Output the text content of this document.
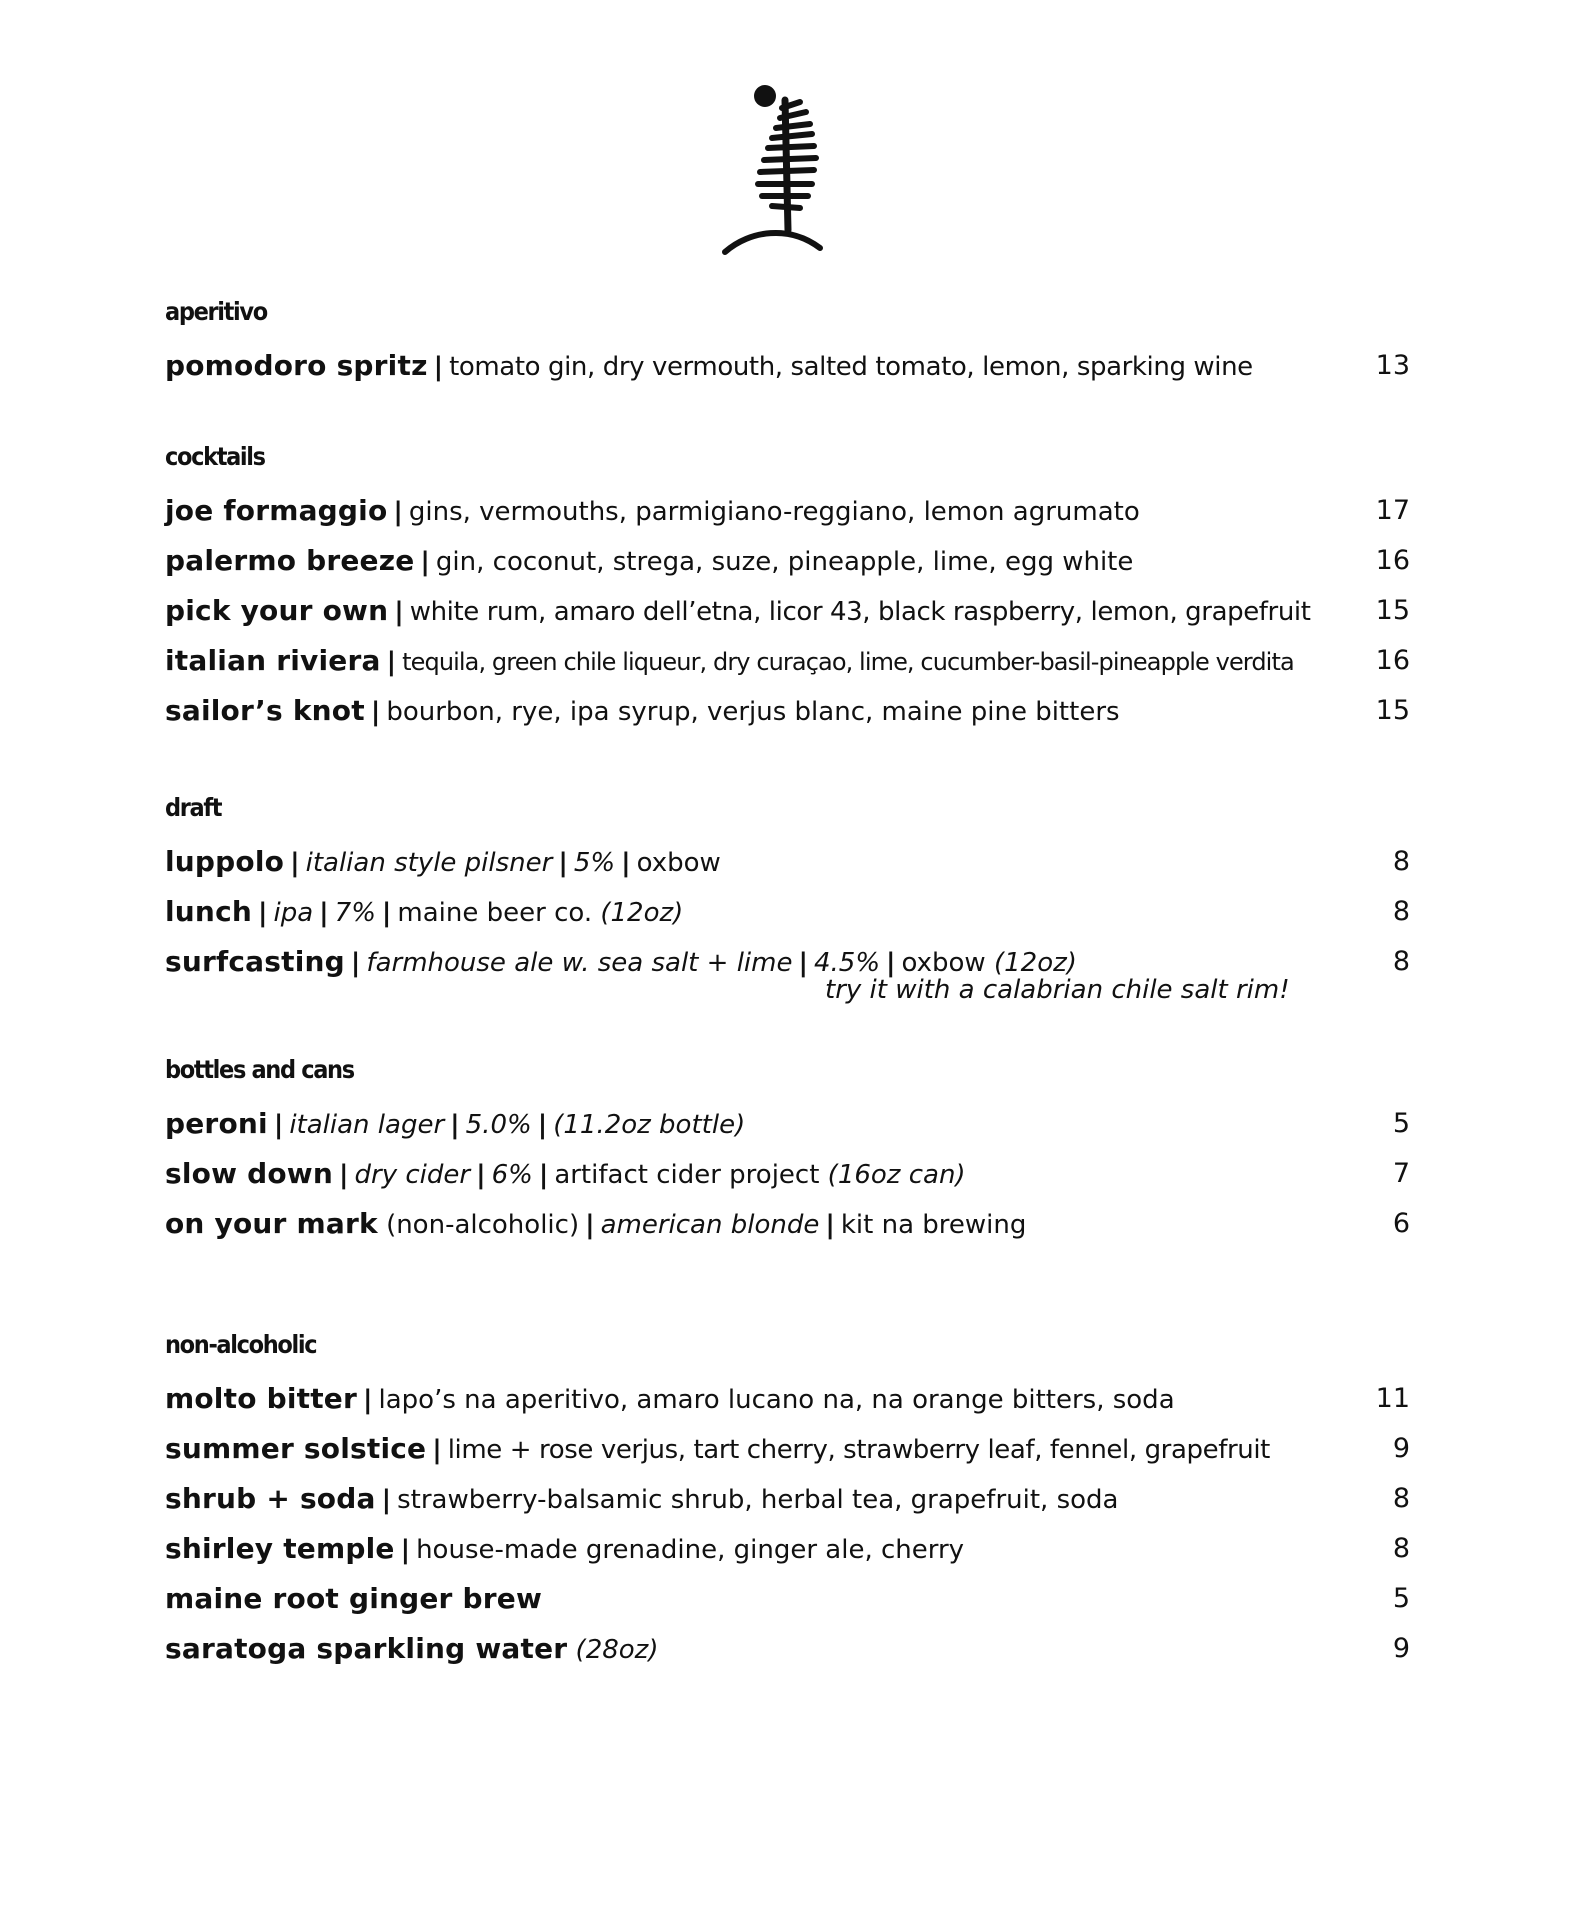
aperitivo
pomodoro spritz | tomato gin, dry vermouth, salted tomato, lemon, sparking wine	13
cocktails
joe formaggio | gins, vermouths, parmigiano-reggiano, lemon agrumato	17
palermo breeze | gin, coconut, strega, suze, pineapple, lime, egg white	16
pick your own | white rum, amaro dell’etna, licor 43, black raspberry, lemon, grapefruit 15
italian riviera | tequila, green chile liqueur, dry curaçao, lime, cucumber-basil-pineapple verdita	16
sailor’s knot | bourbon, rye, ipa syrup, verjus blanc, maine pine bitters	15
draft
luppolo | italian style pilsner | 5% | oxbow	8
lunch | ipa | 7% | maine beer co. (12oz)	8
surfcasting | farmhouse ale w. sea salt + lime | 4.5% | oxbow (12oz)	8
try it with a calabrian chile salt rim!
bottles and cans
peroni | italian lager | 5.0% | (11.2oz bottle)	5
slow down | dry cider | 6% | artifact cider project (16oz can)	7
on your mark (non-alcoholic) | american blonde | kit na brewing	6
non-alcoholic
molto bitter | lapo’s na aperitivo, amaro lucano na, na orange bitters, soda	11
summer solstice | lime + rose verjus, tart cherry, strawberry leaf, fennel, grapefruit	9
shrub + soda | strawberry-balsamic shrub, herbal tea, grapefruit, soda	8
shirley temple | house-made grenadine, ginger ale, cherry	8
maine root ginger brew	5
saratoga sparkling water (28oz)	9
